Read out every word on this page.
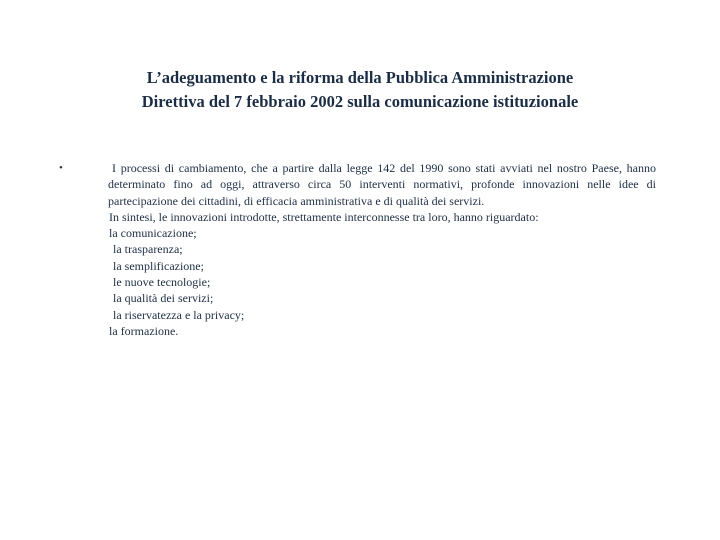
L’adeguamento e la riforma della Pubblica Amministrazione
Direttiva del 7 febbraio 2002 sulla comunicazione istituzionale
•	I processi di cambiamento, che a partire dalla legge 142 del 1990 sono stati avviati nel nostro Paese, hanno determinato fino ad oggi, attraverso circa 50 interventi normativi, profonde innovazioni nelle idee di partecipazione dei cittadini, di efficacia amministrativa e di qualità dei servizi.

In sintesi, le innovazioni introdotte, strettamente interconnesse tra loro, hanno riguardato:

la comunicazione;

la trasparenza;

la semplificazione;

le nuove tecnologie;

la qualità dei servizi;

la riservatezza e la privacy;

la formazione.
